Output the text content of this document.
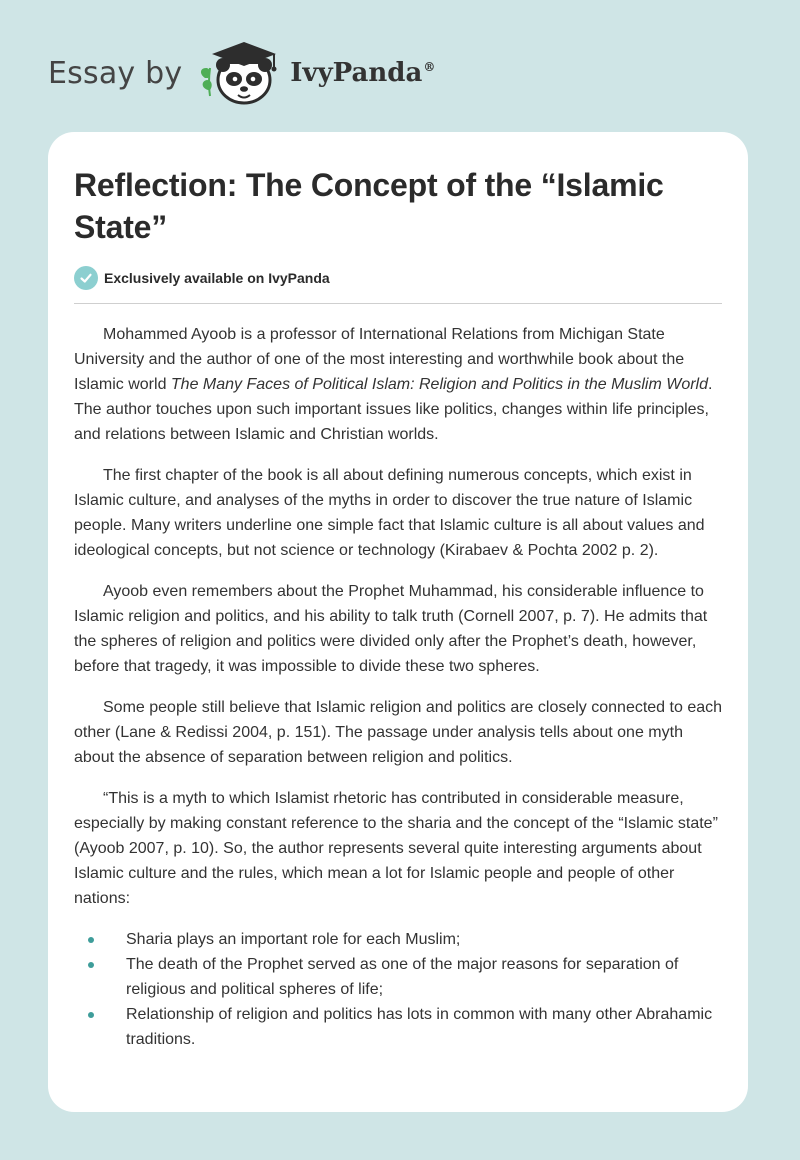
Essay by	IvyPanda®
Reflection: The Concept of the “Islamic State”
Exclusively available on IvyPanda

Mohammed Ayoob is a professor of International Relations from Michigan State University and the author of one of the most interesting and worthwhile book about the Islamic world The Many Faces of Political Islam: Religion and Politics in the Muslim World. The author touches upon such important issues like politics, changes within life principles, and relations between Islamic and Christian worlds.

The first chapter of the book is all about defining numerous concepts, which exist in Islamic culture, and analyses of the myths in order to discover the true nature of Islamic people. Many writers underline one simple fact that Islamic culture is all about values and ideological concepts, but not science or technology (Kirabaev & Pochta 2002 p. 2).

Ayoob even remembers about the Prophet Muhammad, his considerable influence to Islamic religion and politics, and his ability to talk truth (Cornell 2007, p. 7). He admits that the spheres of religion and politics were divided only after the Prophet’s death, however, before that tragedy, it was impossible to divide these two spheres.

Some people still believe that Islamic religion and politics are closely connected to each other (Lane & Redissi 2004, p. 151). The passage under analysis tells about one myth about the absence of separation between religion and politics.

“This is a myth to which Islamist rhetoric has contributed in considerable measure, especially by making constant reference to the sharia and the concept of the “Islamic state” (Ayoob 2007, p. 10). So, the author represents several quite interesting arguments about Islamic culture and the rules, which mean a lot for Islamic people and people of other nations:

Sharia plays an important role for each Muslim;
The death of the Prophet served as one of the major reasons for separation of religious and political spheres of life;
Relationship of religion and politics has lots in common with many other Abrahamic traditions.
